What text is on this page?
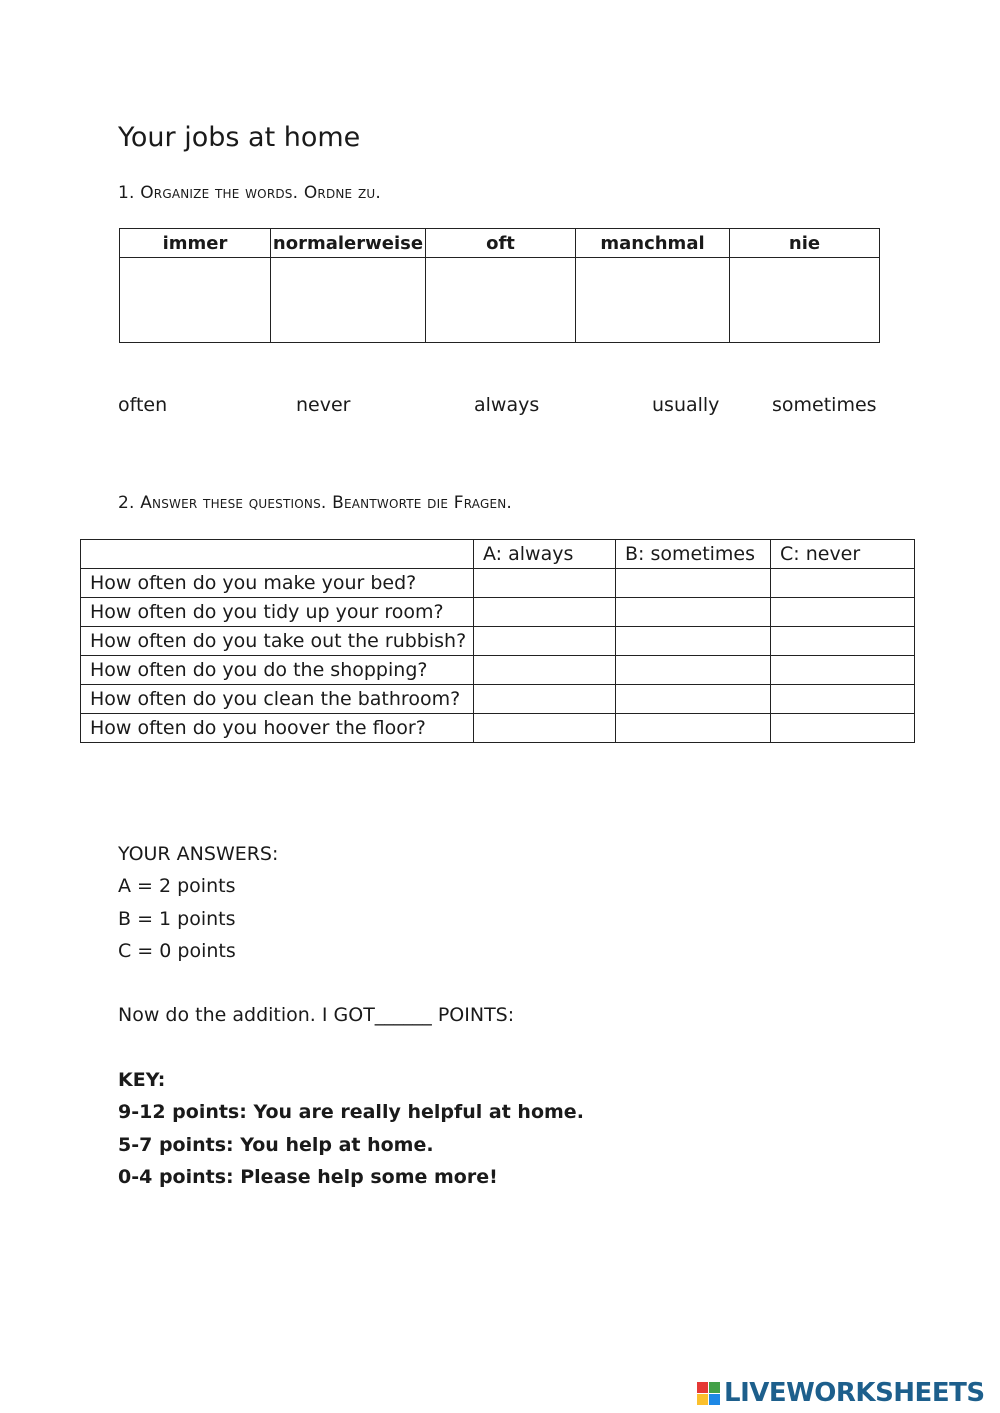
Your jobs at home
1. Organize the words. Ordne zu.
immer	normalerweise	oft	manchmal	nie

often	never	always	usually	sometimes
2. Answer these questions. Beantworte die Fragen.
	A: always	B: sometimes	C: never
How often do you make your bed?			
How often do you tidy up your room?			
How often do you take out the rubbish?			
How often do you do the shopping?			
How often do you clean the bathroom?			
How often do you hoover the floor?			
YOUR ANSWERS:
A = 2 points
B = 1 points
C = 0 points
Now do the addition. I GOT______ POINTS:
KEY:
9-12 points: You are really helpful at home.
5-7 points: You help at home.
0-4 points: Please help some more!
LIVEWORKSHEETS
